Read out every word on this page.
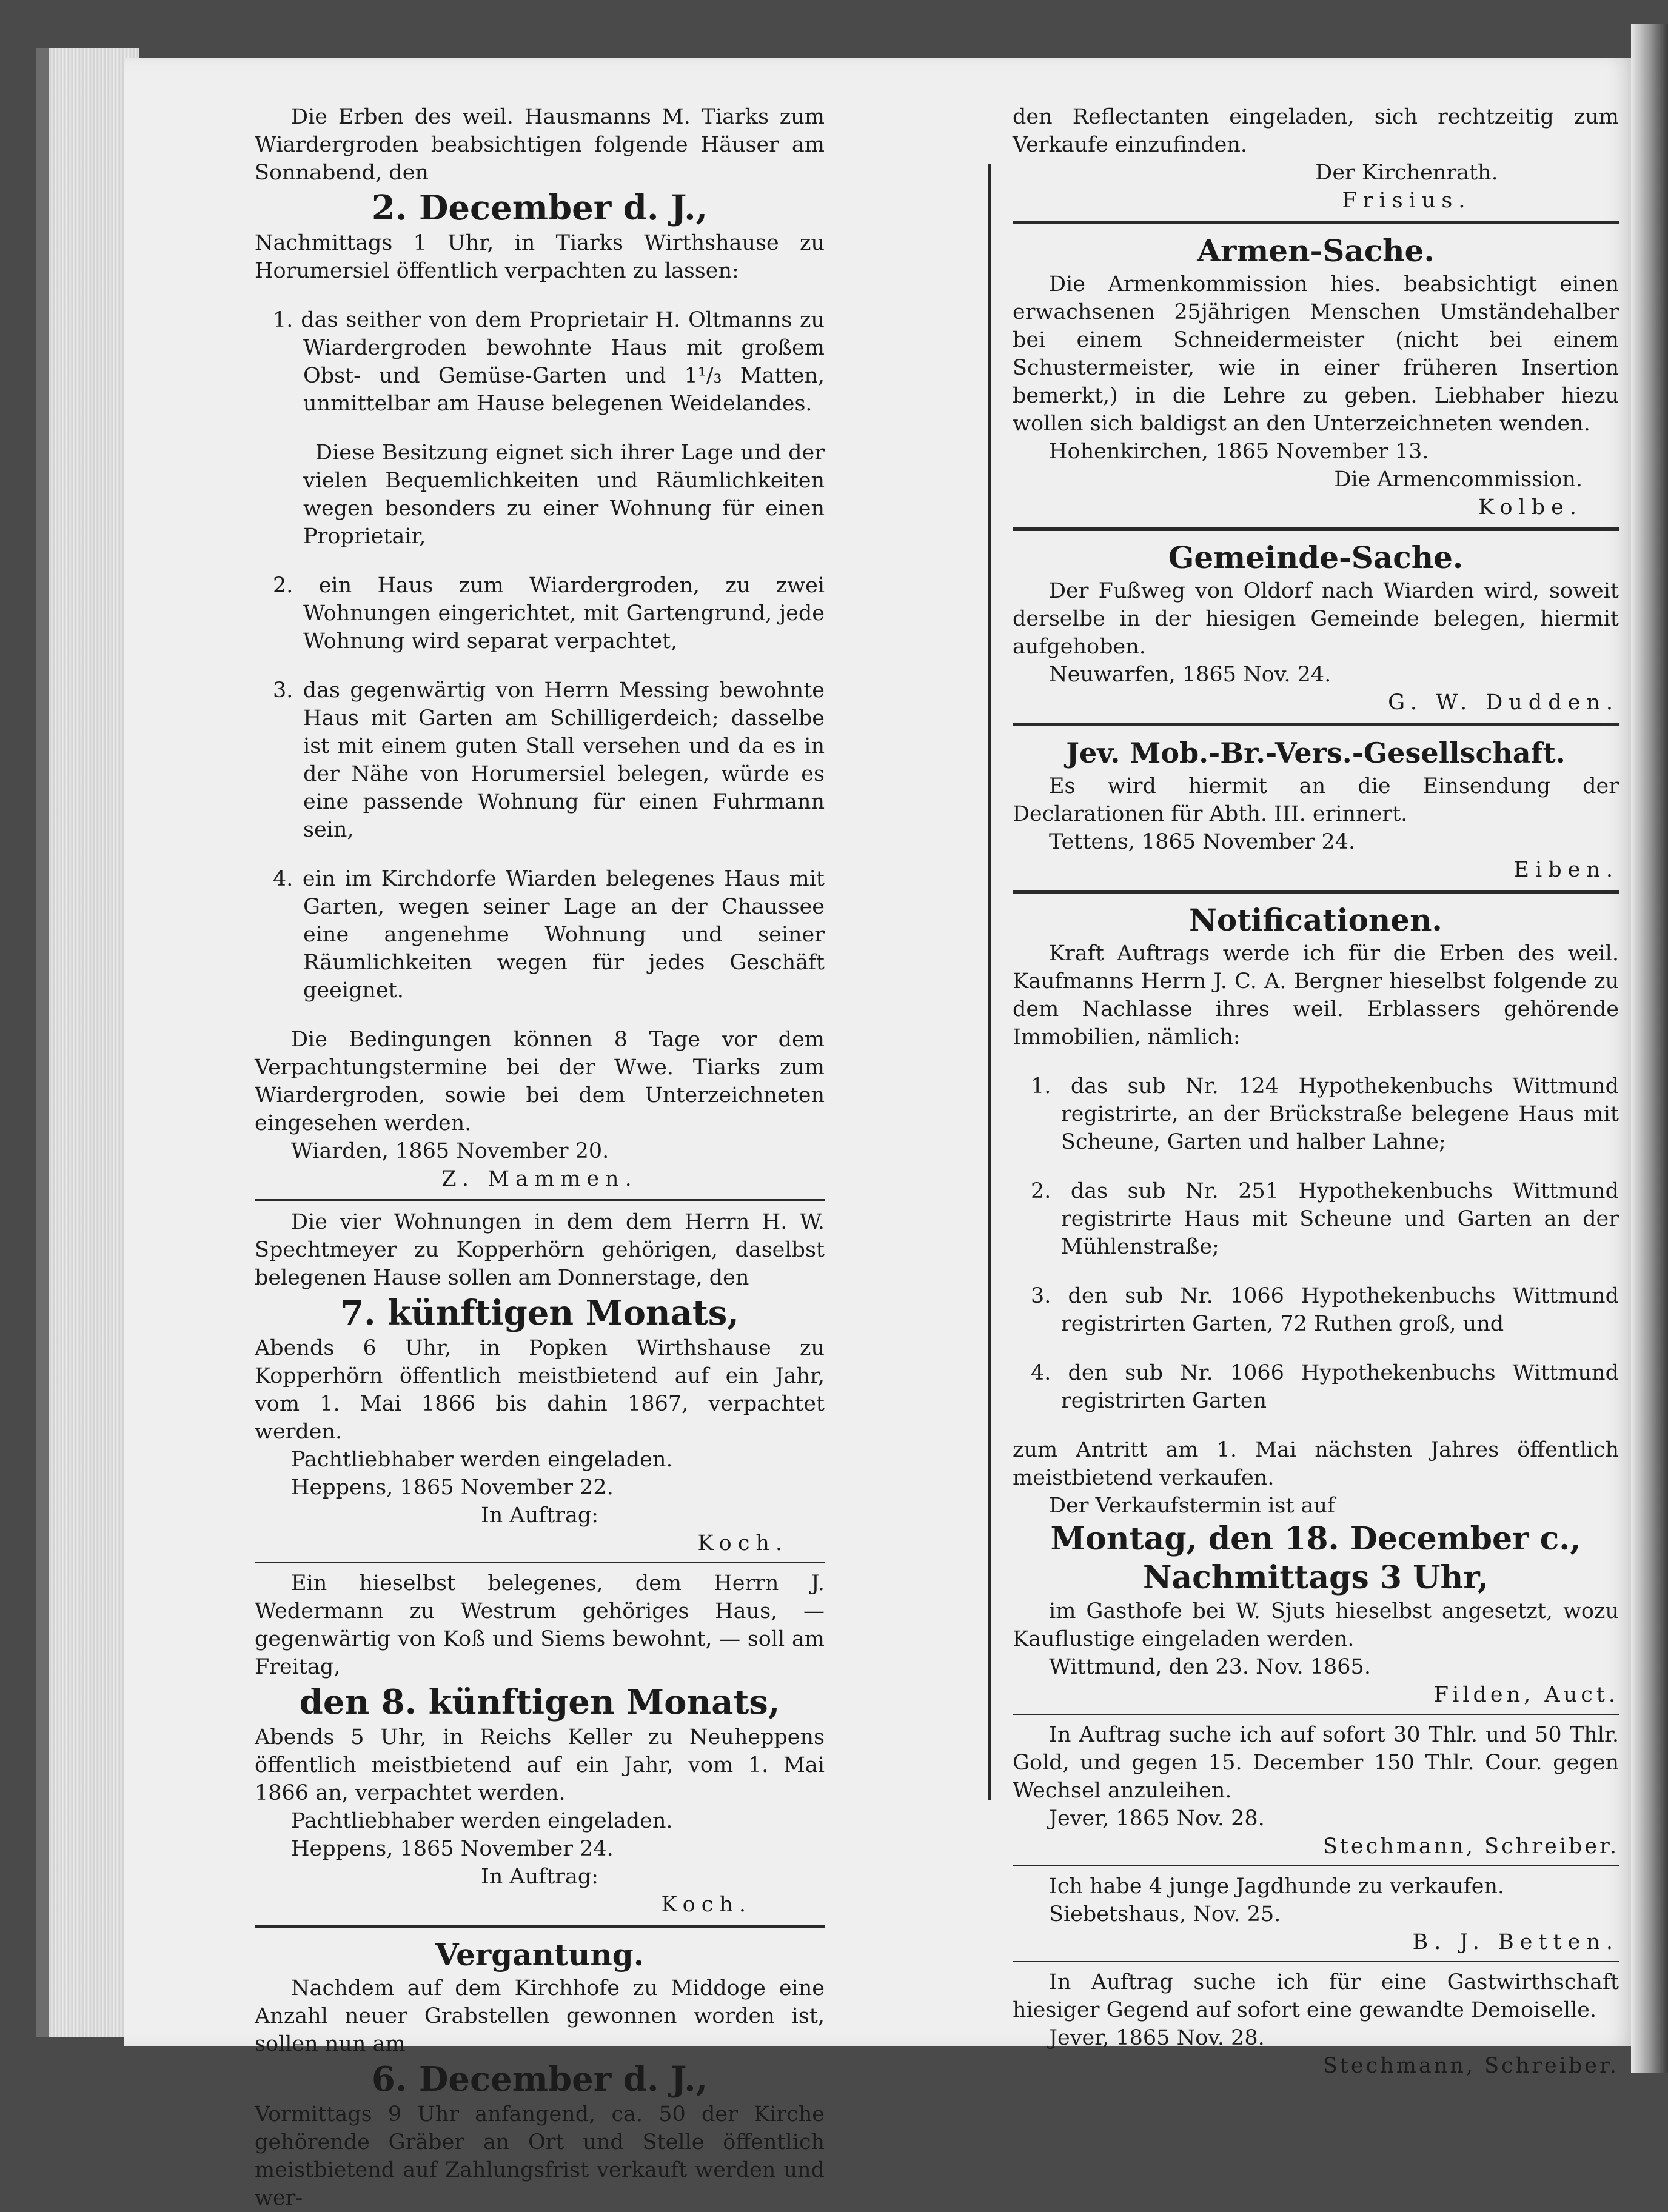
Die Erben des weil. Hausmanns M. Tiarks zum Wiardergroden beabsichtigen folgende Häuser am Sonnabend, den

2. December d. J.,

Nachmittags 1 Uhr, in Tiarks Wirthshause zu Horumersiel öffentlich verpachten zu lassen:

1. das seither von dem Proprietair H. Oltmanns zu Wiardergroden bewohnte Haus mit großem Obst- und Gemüse-Garten und 1¹/₃ Matten, unmittelbar am Hause belegenen Weidelandes.

Diese Besitzung eignet sich ihrer Lage und der vielen Bequemlichkeiten und Räumlichkeiten wegen besonders zu einer Wohnung für einen Proprietair,

2. ein Haus zum Wiardergroden, zu zwei Wohnungen eingerichtet, mit Gartengrund, jede Wohnung wird separat verpachtet,

3. das gegenwärtig von Herrn Messing bewohnte Haus mit Garten am Schilligerdeich; dasselbe ist mit einem guten Stall versehen und da es in der Nähe von Horumersiel belegen, würde es eine passende Wohnung für einen Fuhrmann sein,

4. ein im Kirchdorfe Wiarden belegenes Haus mit Garten, wegen seiner Lage an der Chaussee eine angenehme Wohnung und seiner Räumlichkeiten wegen für jedes Geschäft geeignet.

Die Bedingungen können 8 Tage vor dem Verpachtungstermine bei der Wwe. Tiarks zum Wiardergroden, sowie bei dem Unterzeichneten eingesehen werden.

Wiarden, 1865 November 20.

Z. Mammen.

Die vier Wohnungen in dem dem Herrn H. W. Spechtmeyer zu Kopperhörn gehörigen, daselbst belegenen Hause sollen am Donnerstage, den

7. künftigen Monats,

Abends 6 Uhr, in Popken Wirthshause zu Kopperhörn öffentlich meistbietend auf ein Jahr, vom 1. Mai 1866 bis dahin 1867, verpachtet werden.

Pachtliebhaber werden eingeladen.

Heppens, 1865 November 22.

In Auftrag:

Koch.

Ein hieselbst belegenes, dem Herrn J. Wedermann zu Westrum gehöriges Haus, — gegenwärtig von Koß und Siems bewohnt, — soll am Freitag,

den 8. künftigen Monats,

Abends 5 Uhr, in Reichs Keller zu Neuheppens öffentlich meistbietend auf ein Jahr, vom 1. Mai 1866 an, verpachtet werden.

Pachtliebhaber werden eingeladen.

Heppens, 1865 November 24.

In Auftrag:

Koch.

Vergantung.

Nachdem auf dem Kirchhofe zu Middoge eine Anzahl neuer Grabstellen gewonnen worden ist, sollen nun am

6. December d. J.,

Vormittags 9 Uhr anfangend, ca. 50 der Kirche gehörende Gräber an Ort und Stelle öffentlich meistbietend auf Zahlungsfrist verkauft werden und wer-

den Reflectanten eingeladen, sich rechtzeitig zum Verkaufe einzufinden.

Der Kirchenrath.

Frisius.

Armen-Sache.

Die Armenkommission hies. beabsichtigt einen erwachsenen 25jährigen Menschen Umständehalber bei einem Schneidermeister (nicht bei einem Schustermeister, wie in einer früheren Insertion bemerkt,) in die Lehre zu geben. Liebhaber hiezu wollen sich baldigst an den Unterzeichneten wenden.

Hohenkirchen, 1865 November 13.

Die Armencommission.

Kolbe.

Gemeinde-Sache.

Der Fußweg von Oldorf nach Wiarden wird, soweit derselbe in der hiesigen Gemeinde belegen, hiermit aufgehoben.

Neuwarfen, 1865 Nov. 24.

G. W. Dudden.

Jev. Mob.-Br.-Vers.-Gesellschaft.

Es wird hiermit an die Einsendung der Declarationen für Abth. III. erinnert.

Tettens, 1865 November 24.

Eiben.

Notificationen.

Kraft Auftrags werde ich für die Erben des weil. Kaufmanns Herrn J. C. A. Bergner hieselbst folgende zu dem Nachlasse ihres weil. Erblassers gehörende Immobilien, nämlich:

1. das sub Nr. 124 Hypothekenbuchs Wittmund registrirte, an der Brückstraße belegene Haus mit Scheune, Garten und halber Lahne;

2. das sub Nr. 251 Hypothekenbuchs Wittmund registrirte Haus mit Scheune und Garten an der Mühlenstraße;

3. den sub Nr. 1066 Hypothekenbuchs Wittmund registrirten Garten, 72 Ruthen groß, und

4. den sub Nr. 1066 Hypothekenbuchs Wittmund registrirten Garten

zum Antritt am 1. Mai nächsten Jahres öffentlich meistbietend verkaufen.

Der Verkaufstermin ist auf

Montag, den 18. December c.,
Nachmittags 3 Uhr,

im Gasthofe bei W. Sjuts hieselbst angesetzt, wozu Kauflustige eingeladen werden.

Wittmund, den 23. Nov. 1865.

Filden, Auct.

In Auftrag suche ich auf sofort 30 Thlr. und 50 Thlr. Gold, und gegen 15. December 150 Thlr. Cour. gegen Wechsel anzuleihen.

Jever, 1865 Nov. 28.

Stechmann, Schreiber.

Ich habe 4 junge Jagdhunde zu verkaufen.

Siebetshaus, Nov. 25.

B. J. Betten.

In Auftrag suche ich für eine Gastwirthschaft hiesiger Gegend auf sofort eine gewandte Demoiselle.

Jever, 1865 Nov. 28.

Stechmann, Schreiber.
